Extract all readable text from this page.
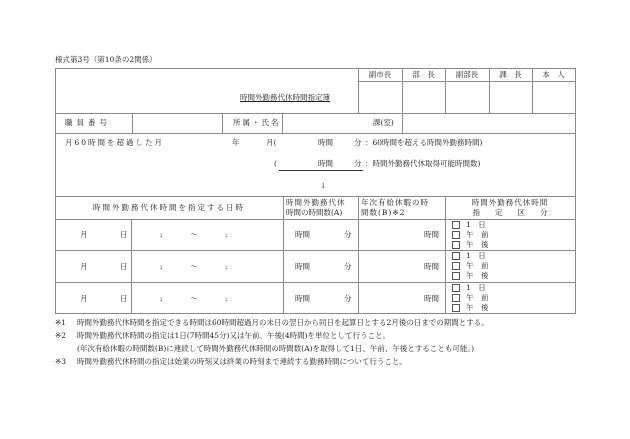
様式第3号（第10条の2関係）
副市長	部　長	副部長	課　長	本　人
時間外勤務代休時間指定簿
職員番号	所属・氏名	課(室)
月60時間を超過した月	年	月(	時間	分 ：60時間を超える時間外勤務時間)
(	時間	分 ：時間外勤務代休取得可能時間数)
↓
時間外勤務代休時間を指定する日時
時間外勤務代休
時間の時間数(A)
年次有給休暇の時
間数(B)※2
時間外勤務代休時間
指　　定　　区　　分
月	日	:	～	:	時間	分	時間
1　日
午　前
午　後
月	日	:	～	:	時間	分	時間
1　日
午　前
午　後
月	日	:	～	:	時間	分	時間
1　日
午　前
午　後
※1 時間外勤務代休時間を指定できる時間は60時間超過月の末日の翌日から同日を起算日とする2月後の日までの期間とする。
※2 時間外勤務代休時間の指定は1日(7時間45分)又は午前、午後(4時間)を単位として行うこと。
(年次有給休暇の時間数(B)に連続して時間外勤務代休時間の時間数(A)を取得して1日、午前、午後とすることも可能。)
※3 時間外勤務代休時間の指定は始業の時刻又は終業の時刻まで連続する勤務時間について行うこと。
